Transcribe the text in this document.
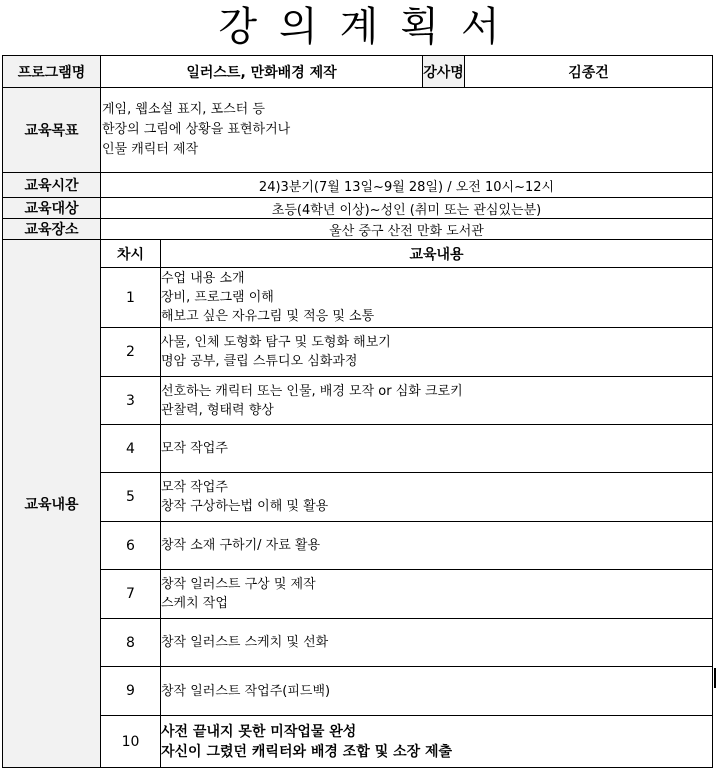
강의계획서
프로그램명	일러스트, 만화배경 제작		강사명	김종건
교육목표	게임, 웹소설 표지, 포스터 등
한장의 그림에 상황을 표현하거나
인물 캐릭터 제작			

교육시간	24)3분기(7월 13일~9월 28일) / 오전 10시~12시			
교육대상	초등(4학년 이상)~성인 (취미 또는 관심있는분)			
교육장소	울산 중구 산전 만화 도서관			
교육내용	차시	교육내용		
	1	수업 내용 소개
장비, 프로그램 이해
해보고 싶은 자유그림 및 적응 및 소통		

	2	사물, 인체 도형화 탐구 및 도형화 해보기
명암 공부, 클립 스튜디오 심화과정		

	3	선호하는 캐릭터 또는 인물, 배경 모작 or 심화 크로키
관찰력, 형태력 향상		

	4	모작 작업주		

	5	모작 작업주
창작 구상하는법 이해 및 활용		

	6	창작 소재 구하기/ 자료 활용		

	7	창작 일러스트 구상 및 제작
스케치 작업		

	8	창작 일러스트 스케치 및 선화		

	9	창작 일러스트 작업주(피드백)		

	10	사전 끝내지 못한 미작업물 완성
자신이 그렸던 캐릭터와 배경 조합 및 소장 제출		
